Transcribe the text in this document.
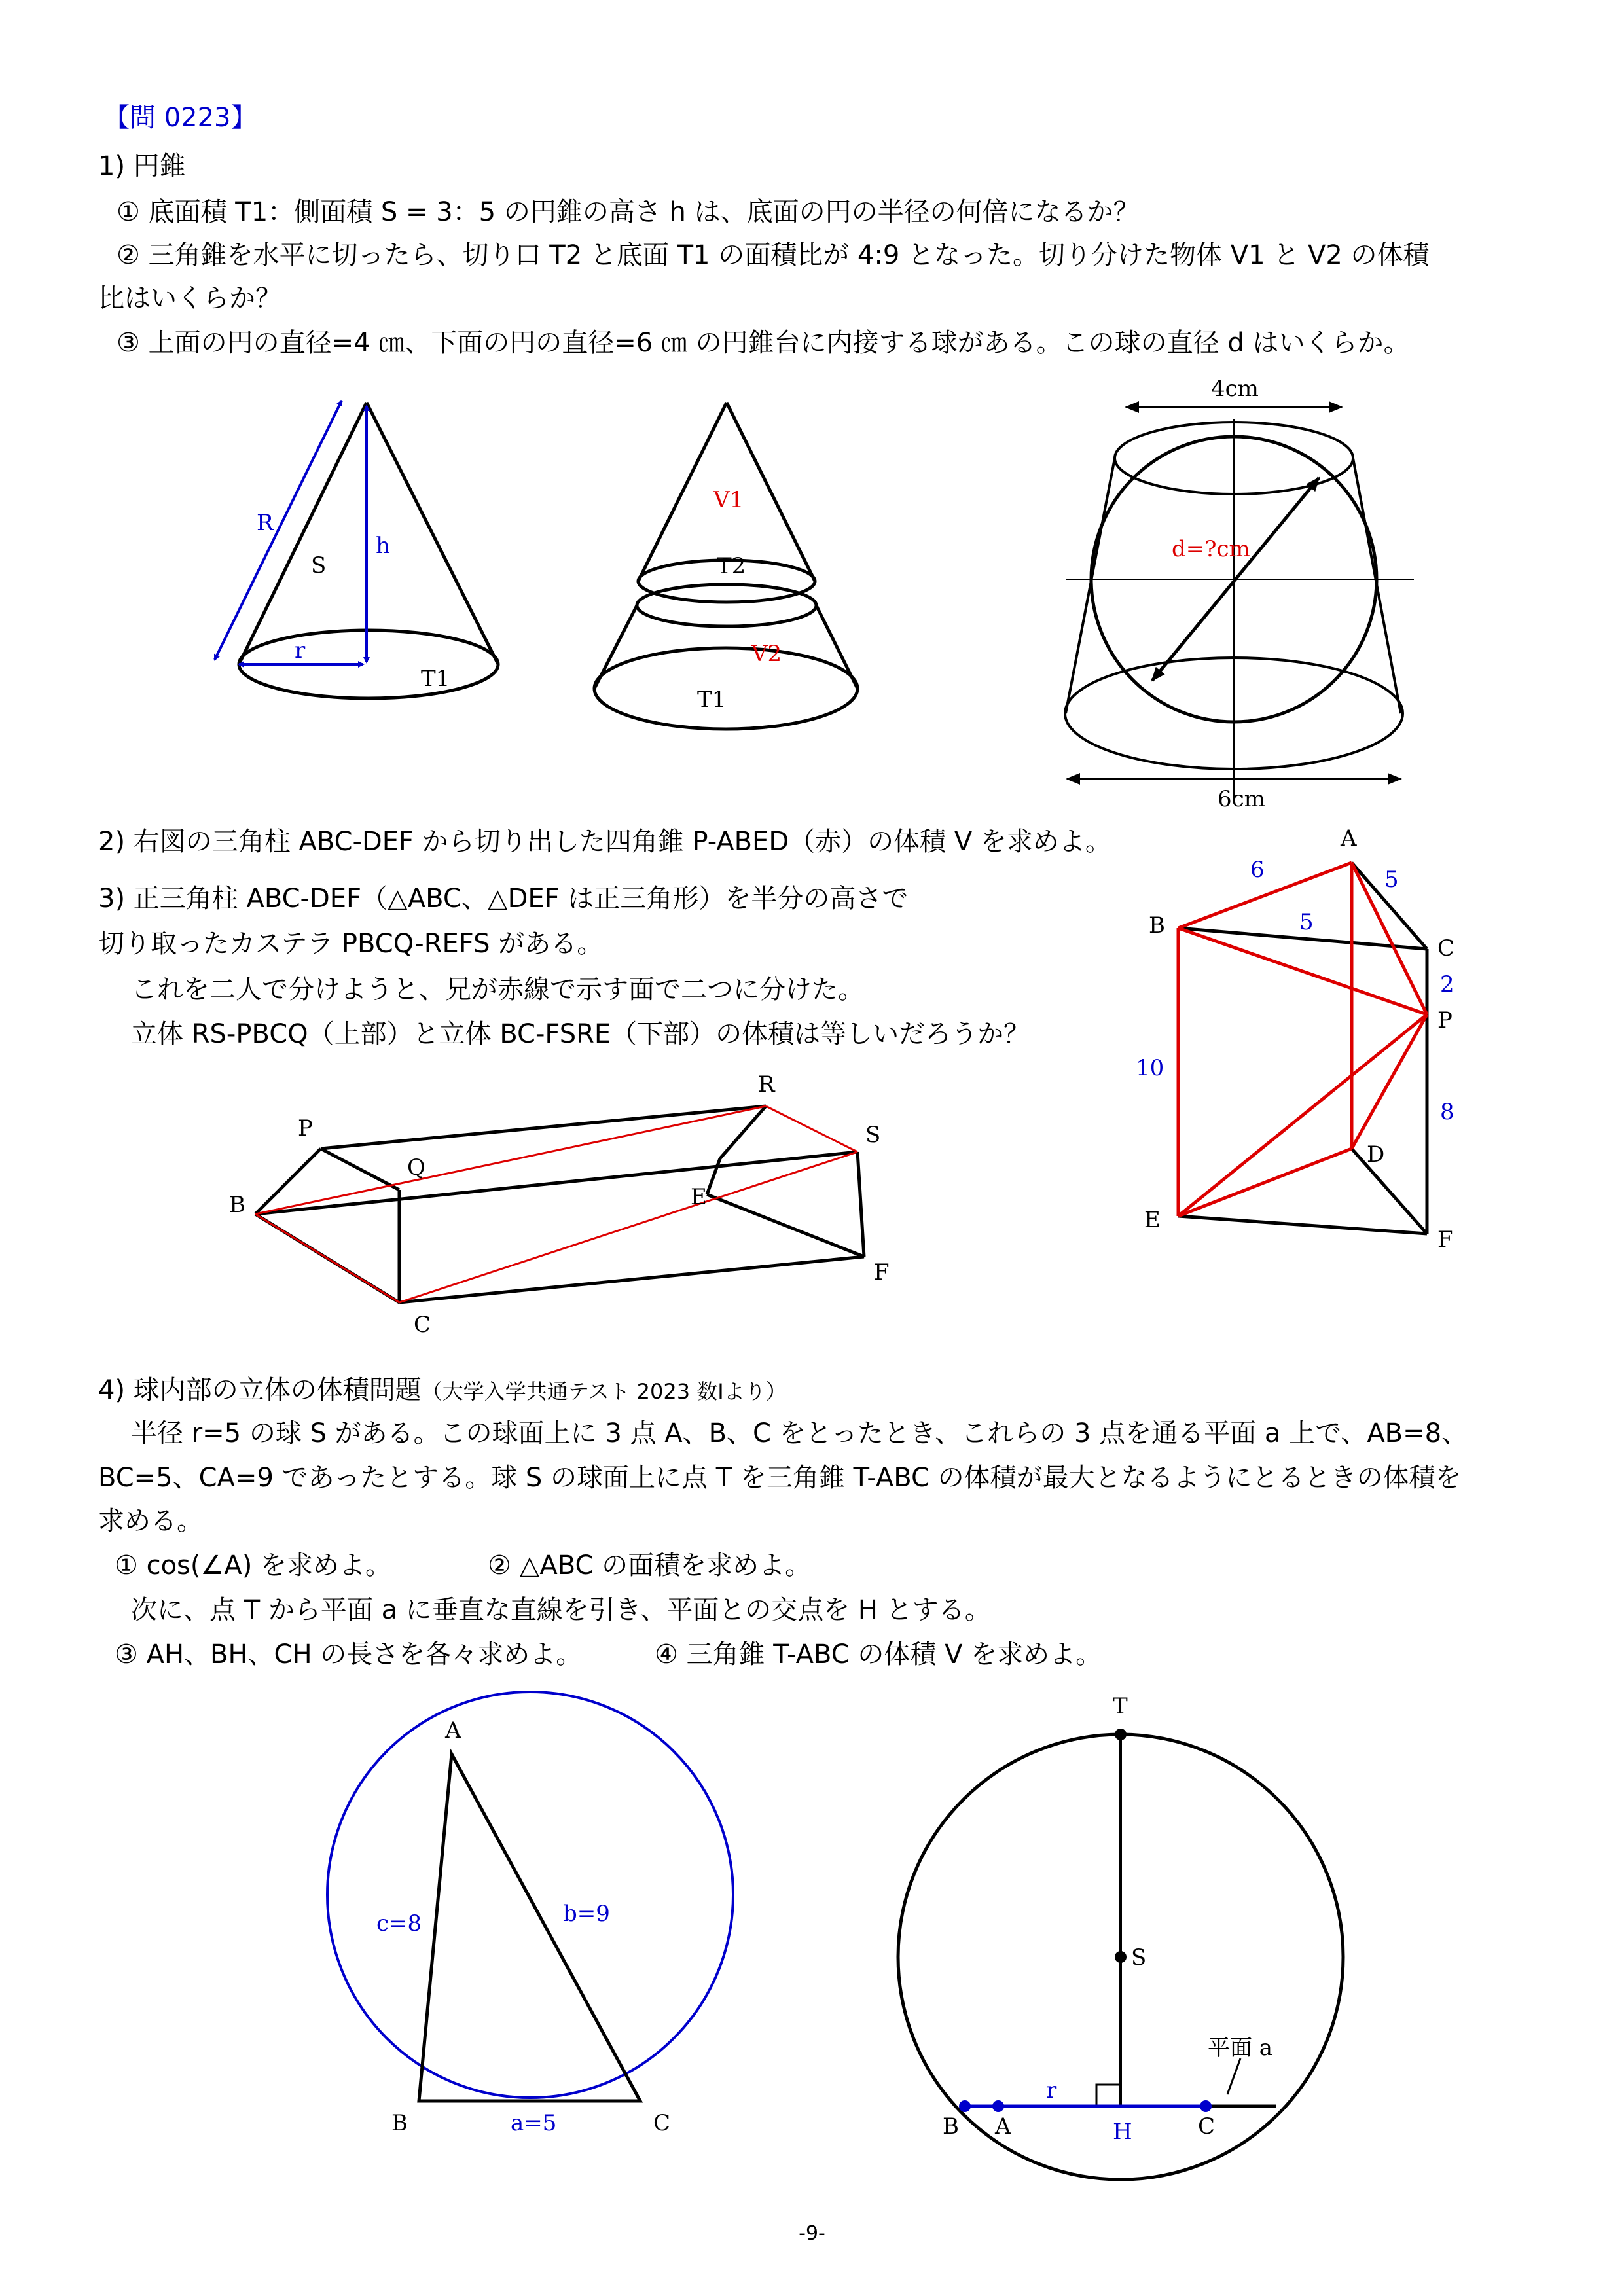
【問 0223】
1) 円錐
① 底面積 T1：側面積 S = 3：5 の円錐の高さ h は、底面の円の半径の何倍になるか？
② 三角錐を水平に切ったら、切り口 T2 と底面 T1 の面積比が 4:9 となった。切り分けた物体 V1 と V2 の体積
比はいくらか？
③ 上面の円の直径=4 ㎝、下面の円の直径=6 ㎝ の円錐台に内接する球がある。この球の直径 d はいくらか。
2) 右図の三角柱 ABC-DEF から切り出した四角錐 P-ABED（赤）の体積 V を求めよ。
3) 正三角柱 ABC-DEF（△ABC、△DEF は正三角形）を半分の高さで
切り取ったカステラ PBCQ-REFS がある。
これを二人で分けようと、兄が赤線で示す面で二つに分けた。
立体 RS-PBCQ（上部）と立体 BC-FSRE（下部）の体積は等しいだろうか？
4) 球内部の立体の体積問題（大学入学共通テスト 2023 数Ⅰより）
半径 r=5 の球 S がある。この球面上に 3 点 A、B、C をとったとき、これらの 3 点を通る平面 a 上で、AB=8、
BC=5、CA=9 であったとする。球 S の球面上に点 T を三角錐 T-ABC の体積が最大となるようにとるときの体積を
求める。
① cos(∠A) を求めよ。	② △ABC の面積を求めよ。
次に、点 T から平面 a に垂直な直線を引き、平面との交点を H とする。
③ AH、BH、CH の長さを各々求めよ。	④ 三角錐 T-ABC の体積 V を求めよ。
-9-
R
h
S
r
T1
V1
T2
V2
T1
4cm
d=?cm
6cm
A
B
C
P
D
E
F
6	5
5
2
10
8
P
Q
B
R
S
E
F
C
A
B	C
c=8	b=9
a=5
T
S
平面 a
r
B A	H	C
